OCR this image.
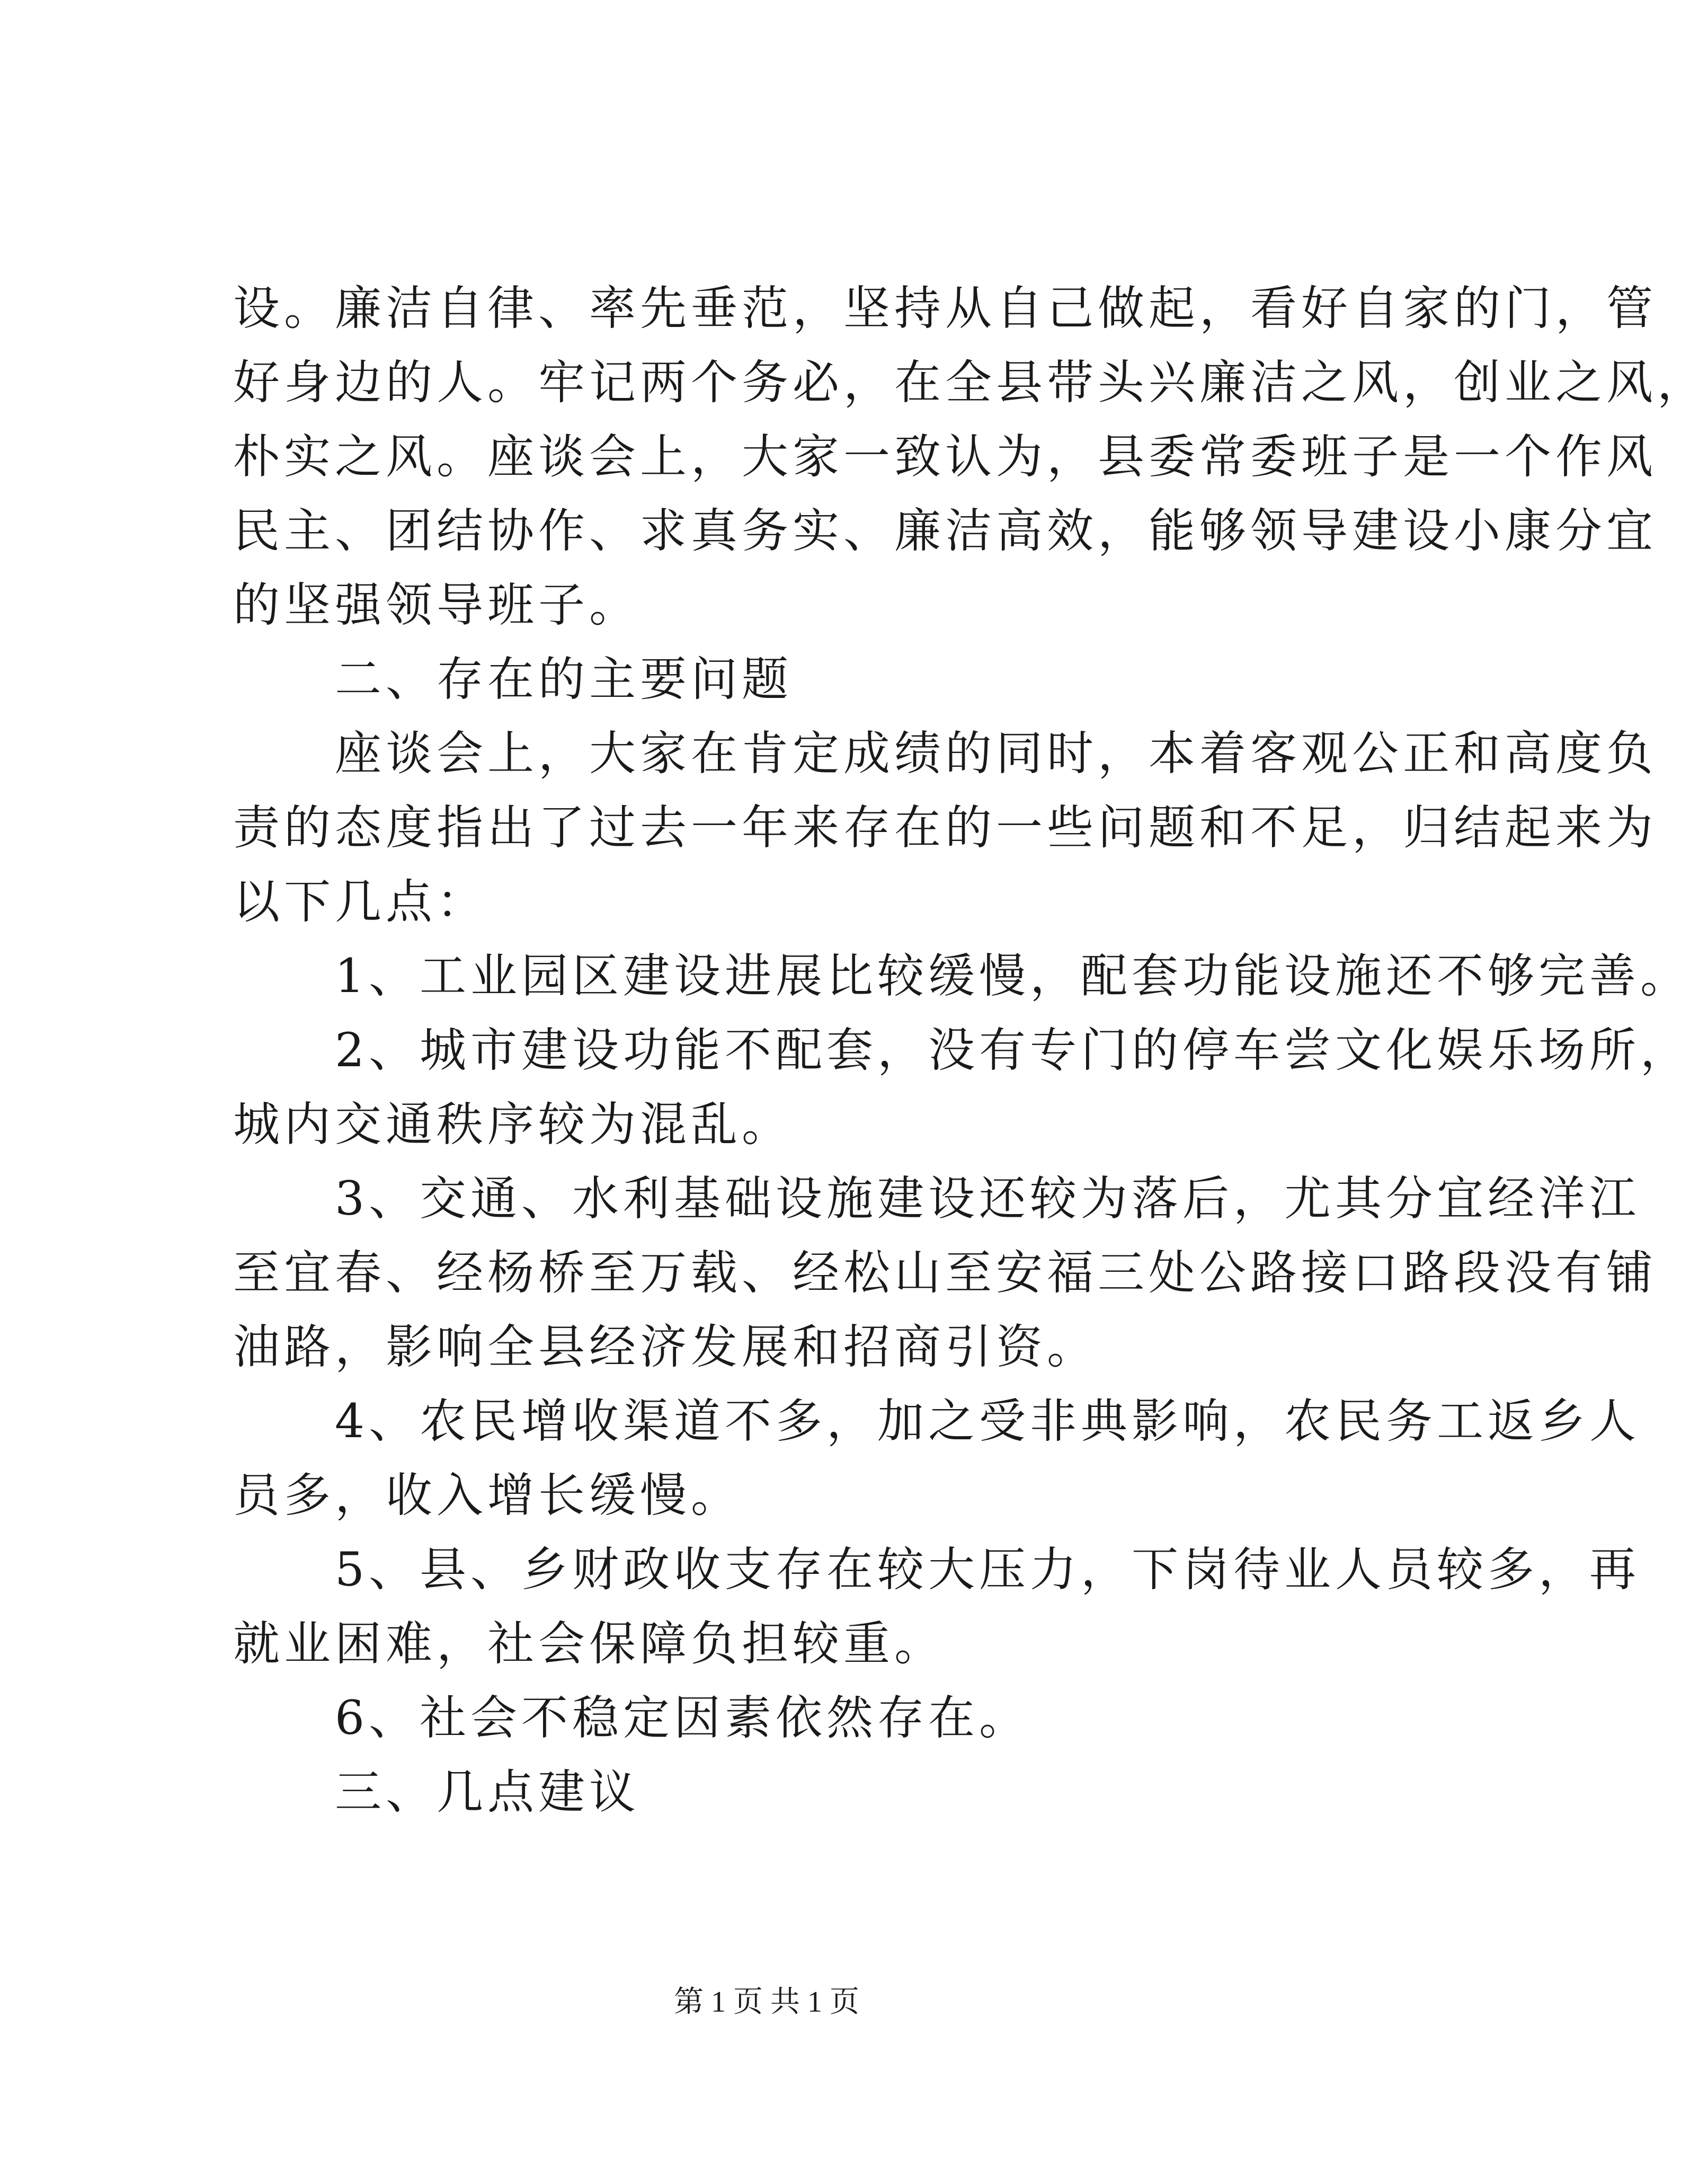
设。廉洁自律、率先垂范，坚持从自己做起，看好自家的门，管
好身边的人。牢记两个务必，在全县带头兴廉洁之风，创业之风，
朴实之风。座谈会上，大家一致认为，县委常委班子是一个作风
民主、团结协作、求真务实、廉洁高效，能够领导建设小康分宜
的坚强领导班子。
二、存在的主要问题
座谈会上，大家在肯定成绩的同时，本着客观公正和高度负
责的态度指出了过去一年来存在的一些问题和不足，归结起来为
以下几点：
1、工业园区建设进展比较缓慢，配套功能设施还不够完善。
2、城市建设功能不配套，没有专门的停车尝文化娱乐场所，
城内交通秩序较为混乱。
3、交通、水利基础设施建设还较为落后，尤其分宜经洋江
至宜春、经杨桥至万载、经松山至安福三处公路接口路段没有铺
油路，影响全县经济发展和招商引资。
4、农民增收渠道不多，加之受非典影响，农民务工返乡人
员多，收入增长缓慢。
5、县、乡财政收支存在较大压力，下岗待业人员较多，再
就业困难，社会保障负担较重。
6、社会不稳定因素依然存在。
三、几点建议
第 1 页 共 1 页
